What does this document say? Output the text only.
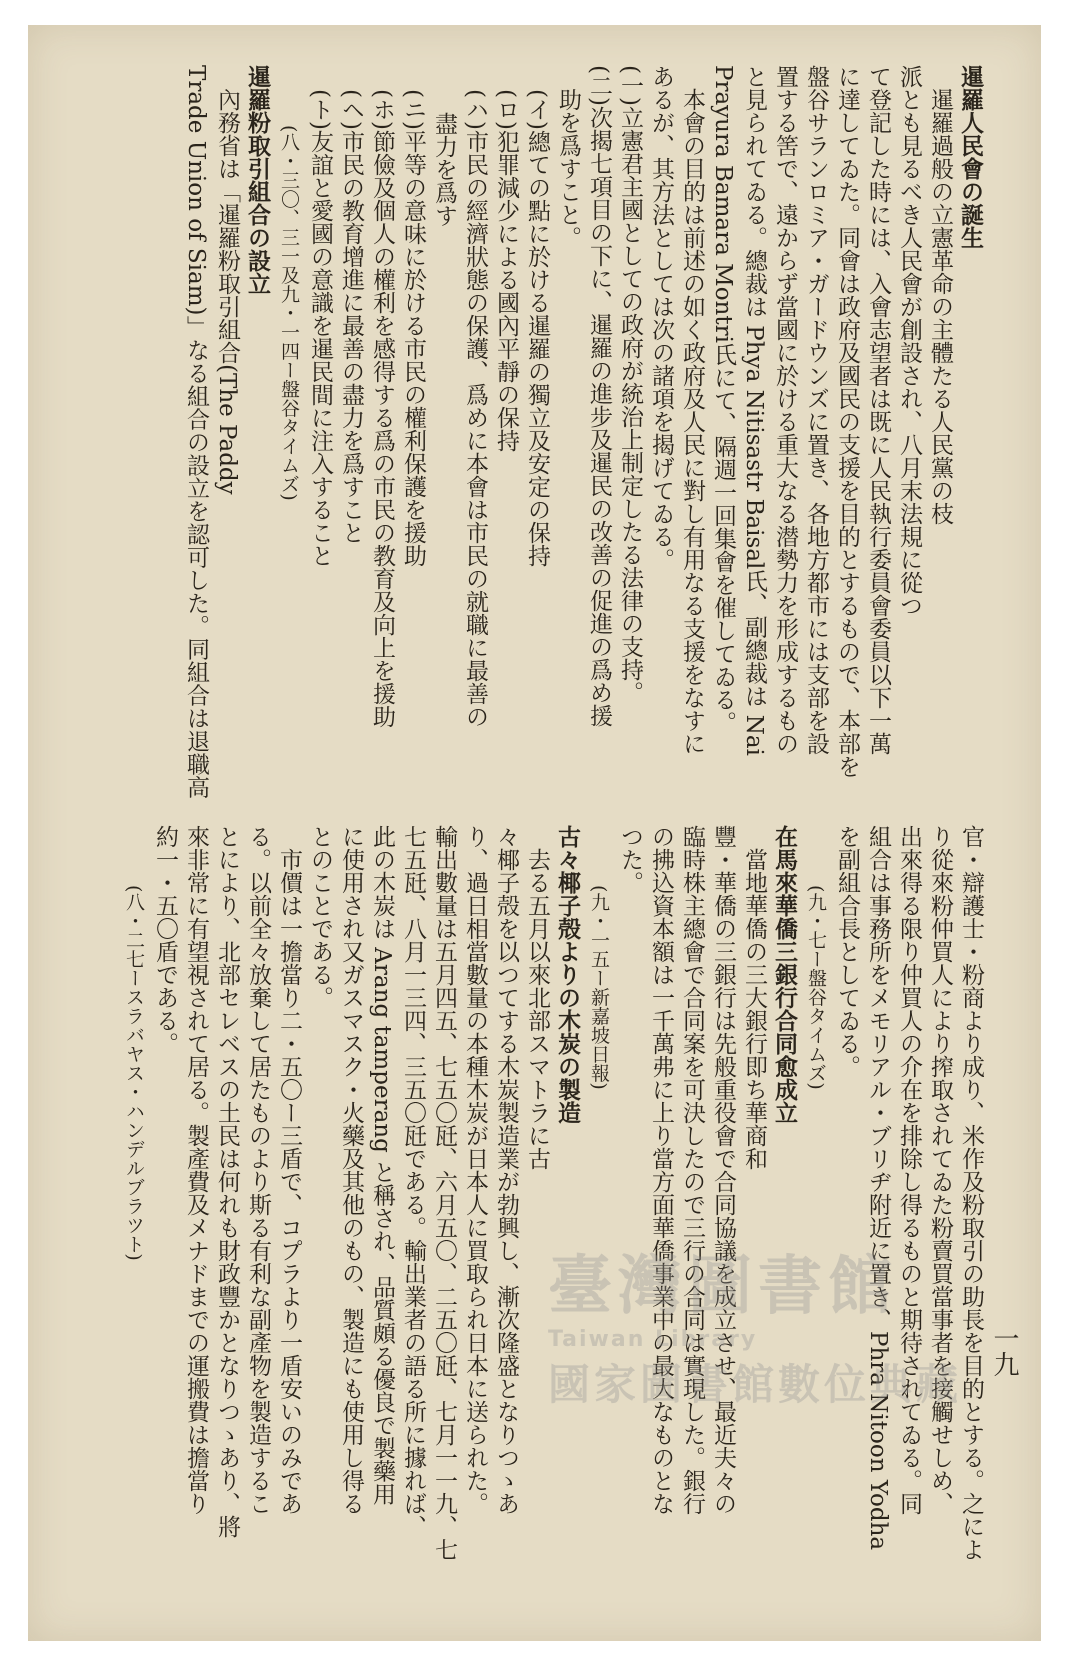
暹羅人民會の誕生
　暹羅過般の立憲革命の主體たる人民黨の枝
派とも見るべき人民會が創設され、八月末法規に從つ
て登記した時には、入會志望者は既に人民執行委員會委員以下一萬
に達してゐた。同會は政府及國民の支援を目的とするもので、本部を
盤谷サランロミア・ガードウンズに置き、各地方都市には支部を設
置する筈で、遠からず當國に於ける重大なる潜勢力を形成するもの
と見られてゐる。總裁は Phya Nitisastr Baisal氏、副總裁は Nai
Prayura Bamara Montri氏にて、隔週一回集會を催してゐる。
　本會の目的は前述の如く政府及人民に對し有用なる支援をなすに
あるが、其方法としては次の諸項を揭げてゐる。
(一)立憲君主國としての政府が統治上制定したる法律の支持。
(二)次揭七項目の下に、暹羅の進步及暹民の改善の促進の爲め援
　助を爲すこと。
(イ)總ての點に於ける暹羅の獨立及安定の保持
(ロ)犯罪減少による國內平靜の保持
(ハ)市民の經濟狀態の保護、爲めに本會は市民の就職に最善の
　盡力を爲す
(ニ)平等の意味に於ける市民の權利保護を援助
(ホ)節儉及個人の權利を感得する爲の市民の教育及向上を援助
(ヘ)市民の教育增進に最善の盡力を爲すこと
(ト)友誼と愛國の意識を暹民間に注入すること
(八・三〇、三一及九・一四ー盤谷タイムズ)
暹羅粉取引組合の設立
　內務省は「暹羅粉取引組合(The Paddy
Trade Union of Siam)」なる組合の設立を認可した。同組合は退職高
官・辯護士・粉商より成り、米作及粉取引の助長を目的とする。之によ
り從來粉仲買人により搾取されてゐた粉賣買當事者を接觸せしめ、
出來得る限り仲買人の介在を排除し得るものと期待されてゐる。同
組合は事務所をメモリアル・ブリヂ附近に置き、Phra Nitoon Yodha
を副組合長としてゐる。
(九・七ー盤谷タイムズ)
在馬來華僑三銀行合同愈成立
　當地華僑の三大銀行即ち華商和
豐・華僑の三銀行は先般重役會で合同協議を成立させ、最近夫々の
臨時株主總會で合同案を可決したので三行の合同は實現した。銀行
の拂込資本額は一千萬弗に上り當方面華僑事業中の最大なものとな
つた。
(九・一五ー新嘉坡日報)
古々椰子殻よりの木炭の製造
　去る五月以來北部スマトラに古
々椰子殻を以つてする木炭製造業が勃興し、漸次隆盛となりつゝあ
り、過日相當數量の本種木炭が日本人に買取られ日本に送られた。
輸出數量は五月四五、七五〇瓩、六月五〇、二五〇瓩、七月一一九、七
七五瓩、八月一三四、三五〇瓩である。輸出業者の語る所に據れば、
此の木炭は Arang tamperang と稱され、品質頗る優良で製藥用
に使用され又ガスマスク・火藥及其他のもの、製造にも使用し得る
とのことである。
　市價は一擔當り二・五〇ー三盾で、コプラより一盾安いのみであ
る。以前全々放棄して居たものより斯る有利な副產物を製造するこ
とにより、北部セレベスの土民は何れも財政豐かとなりつゝあり、將
來非常に有望視されて居る。製產費及メナドまでの運搬費は擔當り
約一・五〇盾である。
(八・二七ースラバヤス・ハンデルブラツト)
一九
臺灣圖書館
Taiwan Library
國家圖書館數位典藏
